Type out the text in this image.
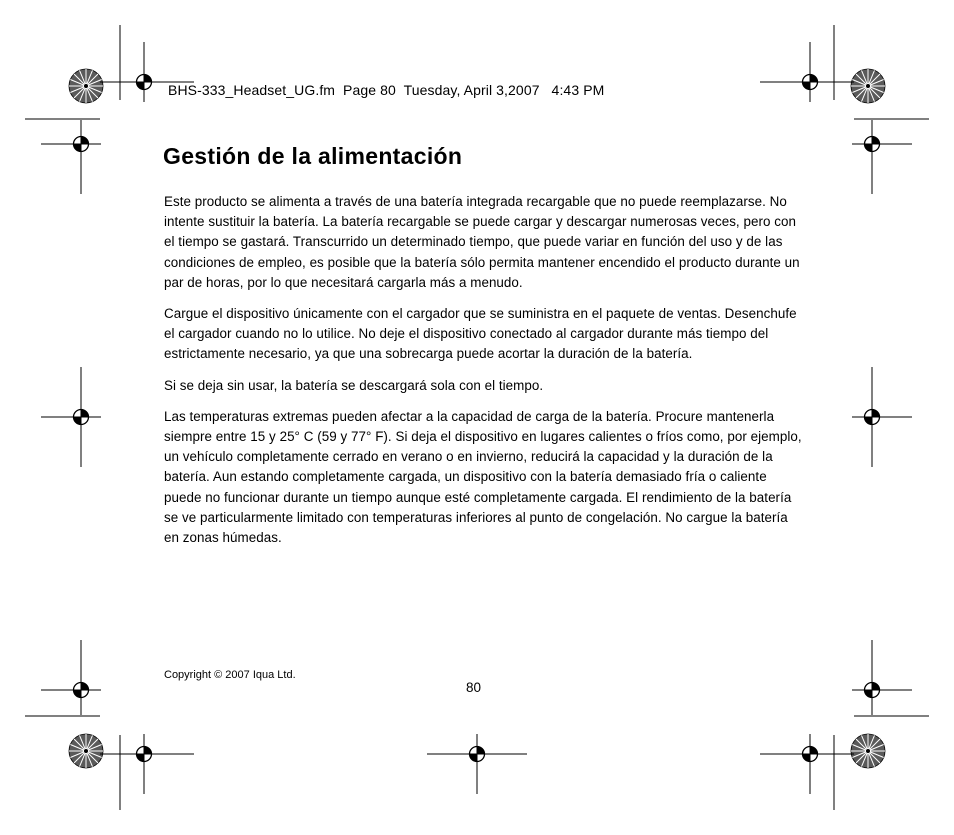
BHS-333_Headset_UG.fm  Page 80  Tuesday, April 3,2007   4:43 PM
Gestión de la alimentación

Este producto se alimenta a través de una batería integrada recargable que no puede reemplazarse. No intente sustituir la batería. La batería recargable se puede cargar y descargar numerosas veces, pero con el tiempo se gastará. Transcurrido un determinado tiempo, que puede variar en función del uso y de las condiciones de empleo, es posible que la batería sólo permita mantener encendido el producto durante un par de horas, por lo que necesitará cargarla más a menudo.

Cargue el dispositivo únicamente con el cargador que se suministra en el paquete de ventas. Desenchufe el cargador cuando no lo utilice. No deje el dispositivo conectado al cargador durante más tiempo del estrictamente necesario, ya que una sobrecarga puede acortar la duración de la batería.

Si se deja sin usar, la batería se descargará sola con el tiempo.

Las temperaturas extremas pueden afectar a la capacidad de carga de la batería. Procure mantenerla siempre entre 15 y 25° C (59 y 77° F). Si deja el dispositivo en lugares calientes o fríos como, por ejemplo, un vehículo completamente cerrado en verano o en invierno, reducirá la capacidad y la duración de la batería. Aun estando completamente cargada, un dispositivo con la batería demasiado fría o caliente puede no funcionar durante un tiempo aunque esté completamente cargada. El rendimiento de la batería se ve particularmente limitado con temperaturas inferiores al punto de congelación. No cargue la batería en zonas húmedas.

Copyright © 2007 Iqua Ltd.
80
